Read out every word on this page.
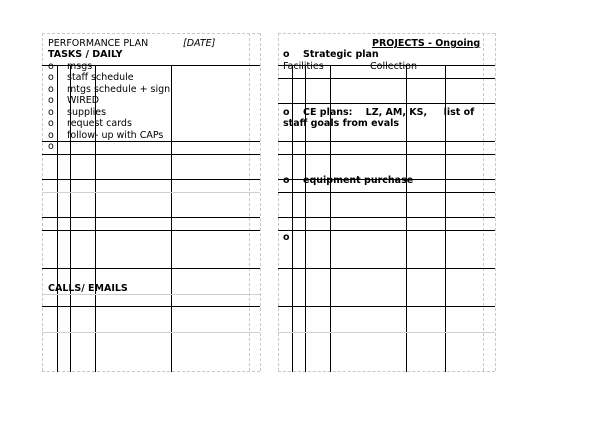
PERFORMANCE PLAN	[DATE]
TASKS / DAILY
o msgs
o staff schedule
o mtgs schedule + sign
o WIRED
o supplies
o request cards
o follow- up with CAPs
o
CALLS/ EMAILS
PROJECTS - Ongoing
o Strategic plan
Facilities	Collection
o CE plans:    LZ, AM, KS,     list of
staff goals from evals
o equipment purchase
o
